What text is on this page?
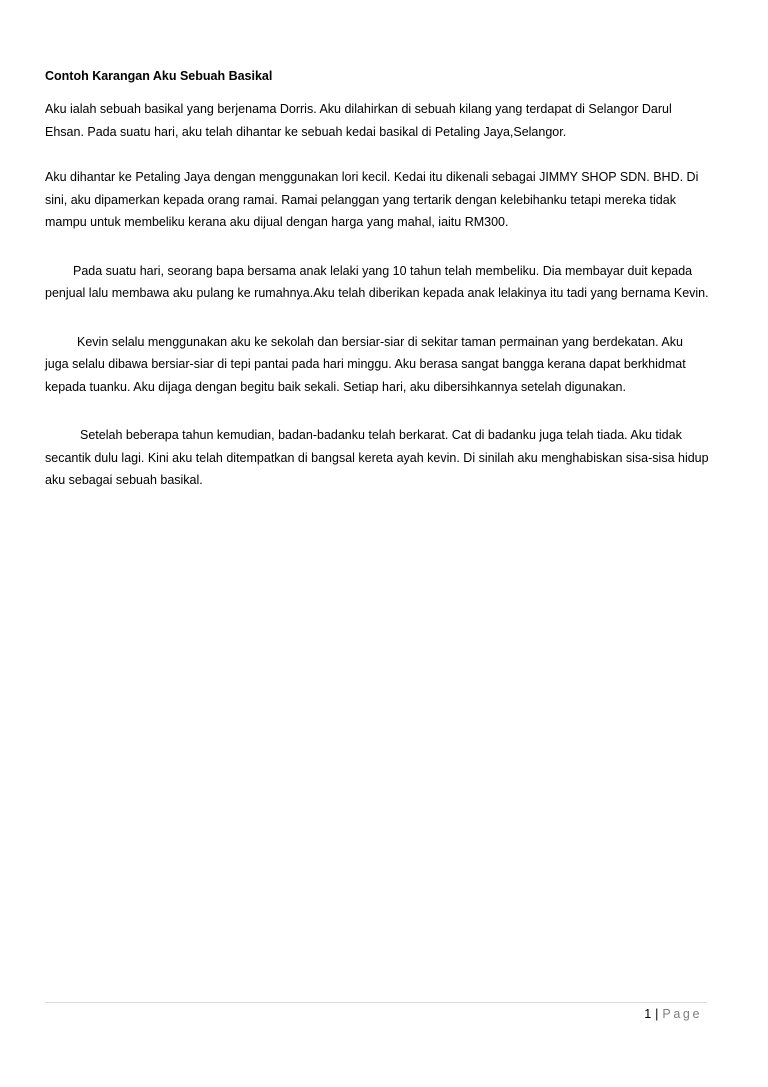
Contoh Karangan Aku Sebuah Basikal

Aku ialah sebuah basikal yang berjenama Dorris. Aku dilahirkan di sebuah kilang yang terdapat di Selangor Darul Ehsan. Pada suatu hari, aku telah dihantar ke sebuah kedai basikal di Petaling Jaya,Selangor.

Aku dihantar ke Petaling Jaya dengan menggunakan lori kecil. Kedai itu dikenali sebagai JIMMY SHOP SDN. BHD. Di sini, aku dipamerkan kepada orang ramai. Ramai pelanggan yang tertarik dengan kelebihanku tetapi mereka tidak mampu untuk membeliku kerana aku dijual dengan harga yang mahal, iaitu RM300.

Pada suatu hari, seorang bapa bersama anak lelaki yang 10 tahun telah membeliku. Dia membayar duit kepada penjual lalu membawa aku pulang ke rumahnya.Aku telah diberikan kepada anak lelakinya itu tadi yang bernama Kevin.

Kevin selalu menggunakan aku ke sekolah dan bersiar-siar di sekitar taman permainan yang berdekatan. Aku juga selalu dibawa bersiar-siar di tepi pantai pada hari minggu. Aku berasa sangat bangga kerana dapat berkhidmat kepada tuanku. Aku dijaga dengan begitu baik sekali. Setiap hari, aku dibersihkannya setelah digunakan.

Setelah beberapa tahun kemudian, badan-badanku telah berkarat. Cat di badanku juga telah tiada. Aku tidak secantik dulu lagi. Kini aku telah ditempatkan di bangsal kereta ayah kevin. Di sinilah aku menghabiskan sisa-sisa hidup aku sebagai sebuah basikal.

1 | Page
